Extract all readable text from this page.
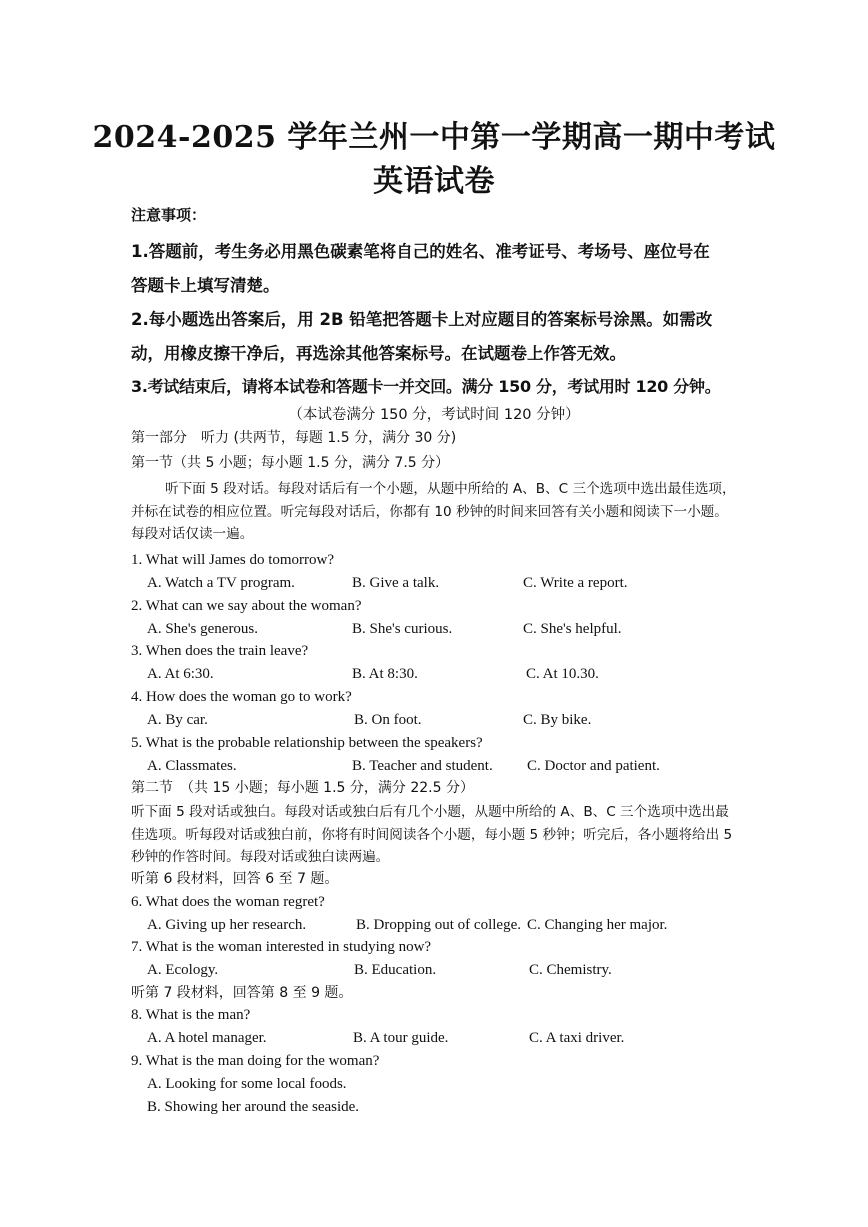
2024-2025 学年兰州一中第一学期高一期中考试
英语试卷
注意事项：
1.答题前，考生务必用黑色碳素笔将自己的姓名、准考证号、考场号、座位号在
答题卡上填写清楚。
2.每小题选出答案后，用 2B 铅笔把答题卡上对应题目的答案标号涂黑。如需改
动，用橡皮擦干净后，再选涂其他答案标号。在试题卷上作答无效。
3.考试结束后，请将本试卷和答题卡一并交回。满分 150 分，考试用时 120 分钟。
（本试卷满分 150 分，考试时间 120 分钟）
第一部分　听力 (共两节，每题 1.5 分，满分 30 分)
第一节（共 5 小题；每小题 1.5 分，满分 7.5 分）
听下面 5 段对话。每段对话后有一个小题，从题中所给的 A、B、C 三个选项中选出最佳选项，并标在试卷的相应位置。听完每段对话后，你都有 10 秒钟的时间来回答有关小题和阅读下一小题。每段对话仅读一遍。
1. What will James do tomorrow?
A. Watch a TV program.	B. Give a talk.	C. Write a report.
2. What can we say about the woman?
A. She's generous.	B. She's curious.	C. She's helpful.
3. When does the train leave?
A. At 6:30.	B. At 8:30.	C. At 10.30.
4. How does the woman go to work?
A. By car.	B. On foot.	C. By bike.
5. What is the probable relationship between the speakers?
A. Classmates.	B. Teacher and student. C. Doctor and patient.
第二节　（共 15 小题；每小题 1.5 分，满分 22.5 分）
听下面 5 段对话或独白。每段对话或独白后有几个小题，从题中所给的 A、B、C 三个选项中选出最佳选项。听每段对话或独白前，你将有时间阅读各个小题，每小题 5 秒钟；听完后，各小题将给出 5 秒钟的作答时间。每段对话或独白读两遍。
听第 6 段材料，回答 6 至 7 题。
6. What does the woman regret?
A. Giving up her research.	B. Dropping out of college. C. Changing her major.
7. What is the woman interested in studying now?
A. Ecology.	B. Education.	C. Chemistry.
听第 7 段材料，回答第 8 至 9 题。
8. What is the man?
A. A hotel manager.	B. A tour guide.	C. A taxi driver.
9. What is the man doing for the woman?
A. Looking for some local foods.
B. Showing her around the seaside.
